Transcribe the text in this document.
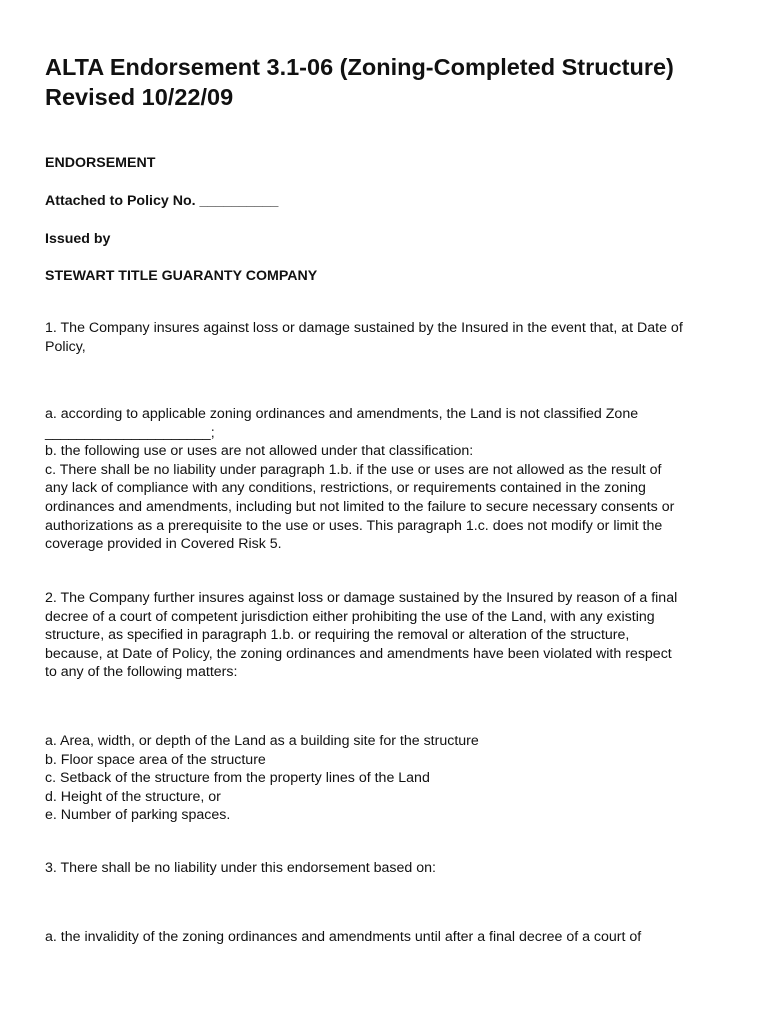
ALTA Endorsement 3.1-06 (Zoning-Completed Structure)
Revised 10/22/09
ENDORSEMENT
Attached to Policy No. __________
Issued by
STEWART TITLE GUARANTY COMPANY
1. The Company insures against loss or damage sustained by the Insured in the event that, at Date of
Policy,
a. according to applicable zoning ordinances and amendments, the Land is not classified Zone
_____________________;
b. the following use or uses are not allowed under that classification:
c. There shall be no liability under paragraph 1.b. if the use or uses are not allowed as the result of
any lack of compliance with any conditions, restrictions, or requirements contained in the zoning
ordinances and amendments, including but not limited to the failure to secure necessary consents or
authorizations as a prerequisite to the use or uses. This paragraph 1.c. does not modify or limit the
coverage provided in Covered Risk 5.
2. The Company further insures against loss or damage sustained by the Insured by reason of a final
decree of a court of competent jurisdiction either prohibiting the use of the Land, with any existing
structure, as specified in paragraph 1.b. or requiring the removal or alteration of the structure,
because, at Date of Policy, the zoning ordinances and amendments have been violated with respect
to any of the following matters:
a. Area, width, or depth of the Land as a building site for the structure
b. Floor space area of the structure
c. Setback of the structure from the property lines of the Land
d. Height of the structure, or
e. Number of parking spaces.
3. There shall be no liability under this endorsement based on:
a. the invalidity of the zoning ordinances and amendments until after a final decree of a court of
